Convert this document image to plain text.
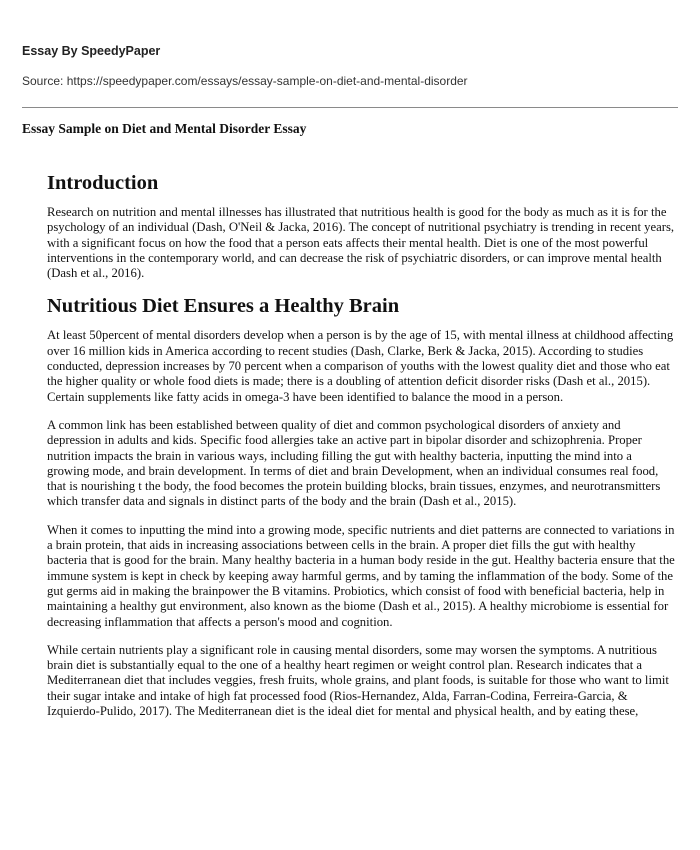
Essay By SpeedyPaper
Source: https://speedypaper.com/essays/essay-sample-on-diet-and-mental-disorder
Essay Sample on Diet and Mental Disorder Essay
Introduction

Research on nutrition and mental illnesses has illustrated that nutritious health is good for the body as much as it is for the psychology of an individual (Dash, O'Neil & Jacka, 2016). The concept of nutritional psychiatry is trending in recent years, with a significant focus on how the food that a person eats affects their mental health. Diet is one of the most powerful interventions in the contemporary world, and can decrease the risk of psychiatric disorders, or can improve mental health (Dash et al., 2016).

Nutritious Diet Ensures a Healthy Brain

At least 50percent of mental disorders develop when a person is by the age of 15, with mental illness at childhood affecting over 16 million kids in America according to recent studies (Dash, Clarke, Berk & Jacka, 2015). According to studies conducted, depression increases by 70 percent when a comparison of youths with the lowest quality diet and those who eat the higher quality or whole food diets is made; there is a doubling of attention deficit disorder risks (Dash et al., 2015). Certain supplements like fatty acids in omega-3 have been identified to balance the mood in a person.

A common link has been established between quality of diet and common psychological disorders of anxiety and depression in adults and kids. Specific food allergies take an active part in bipolar disorder and schizophrenia. Proper nutrition impacts the brain in various ways, including filling the gut with healthy bacteria, inputting the mind into a growing mode, and brain development. In terms of diet and brain Development, when an individual consumes real food, that is nourishing t the body, the food becomes the protein building blocks, brain tissues, enzymes, and neurotransmitters which transfer data and signals in distinct parts of the body and the brain (Dash et al., 2015).

When it comes to inputting the mind into a growing mode, specific nutrients and diet patterns are connected to variations in a brain protein, that aids in increasing associations between cells in the brain. A proper diet fills the gut with healthy bacteria that is good for the brain. Many healthy bacteria in a human body reside in the gut. Healthy bacteria ensure that the immune system is kept in check by keeping away harmful germs, and by taming the inflammation of the body. Some of the gut germs aid in making the brainpower the B vitamins. Probiotics, which consist of food with beneficial bacteria, help in maintaining a healthy gut environment, also known as the biome (Dash et al., 2015). A healthy microbiome is essential for decreasing inflammation that affects a person's mood and cognition.

While certain nutrients play a significant role in causing mental disorders, some may worsen the symptoms. A nutritious brain diet is substantially equal to the one of a healthy heart regimen or weight control plan. Research indicates that a Mediterranean diet that includes veggies, fresh fruits, whole grains, and plant foods, is suitable for those who want to limit their sugar intake and intake of high fat processed food (Rios-Hernandez, Alda, Farran-Codina, Ferreira-Garcia, & Izquierdo-Pulido, 2017). The Mediterranean diet is the ideal diet for mental and physical health, and by eating these,
